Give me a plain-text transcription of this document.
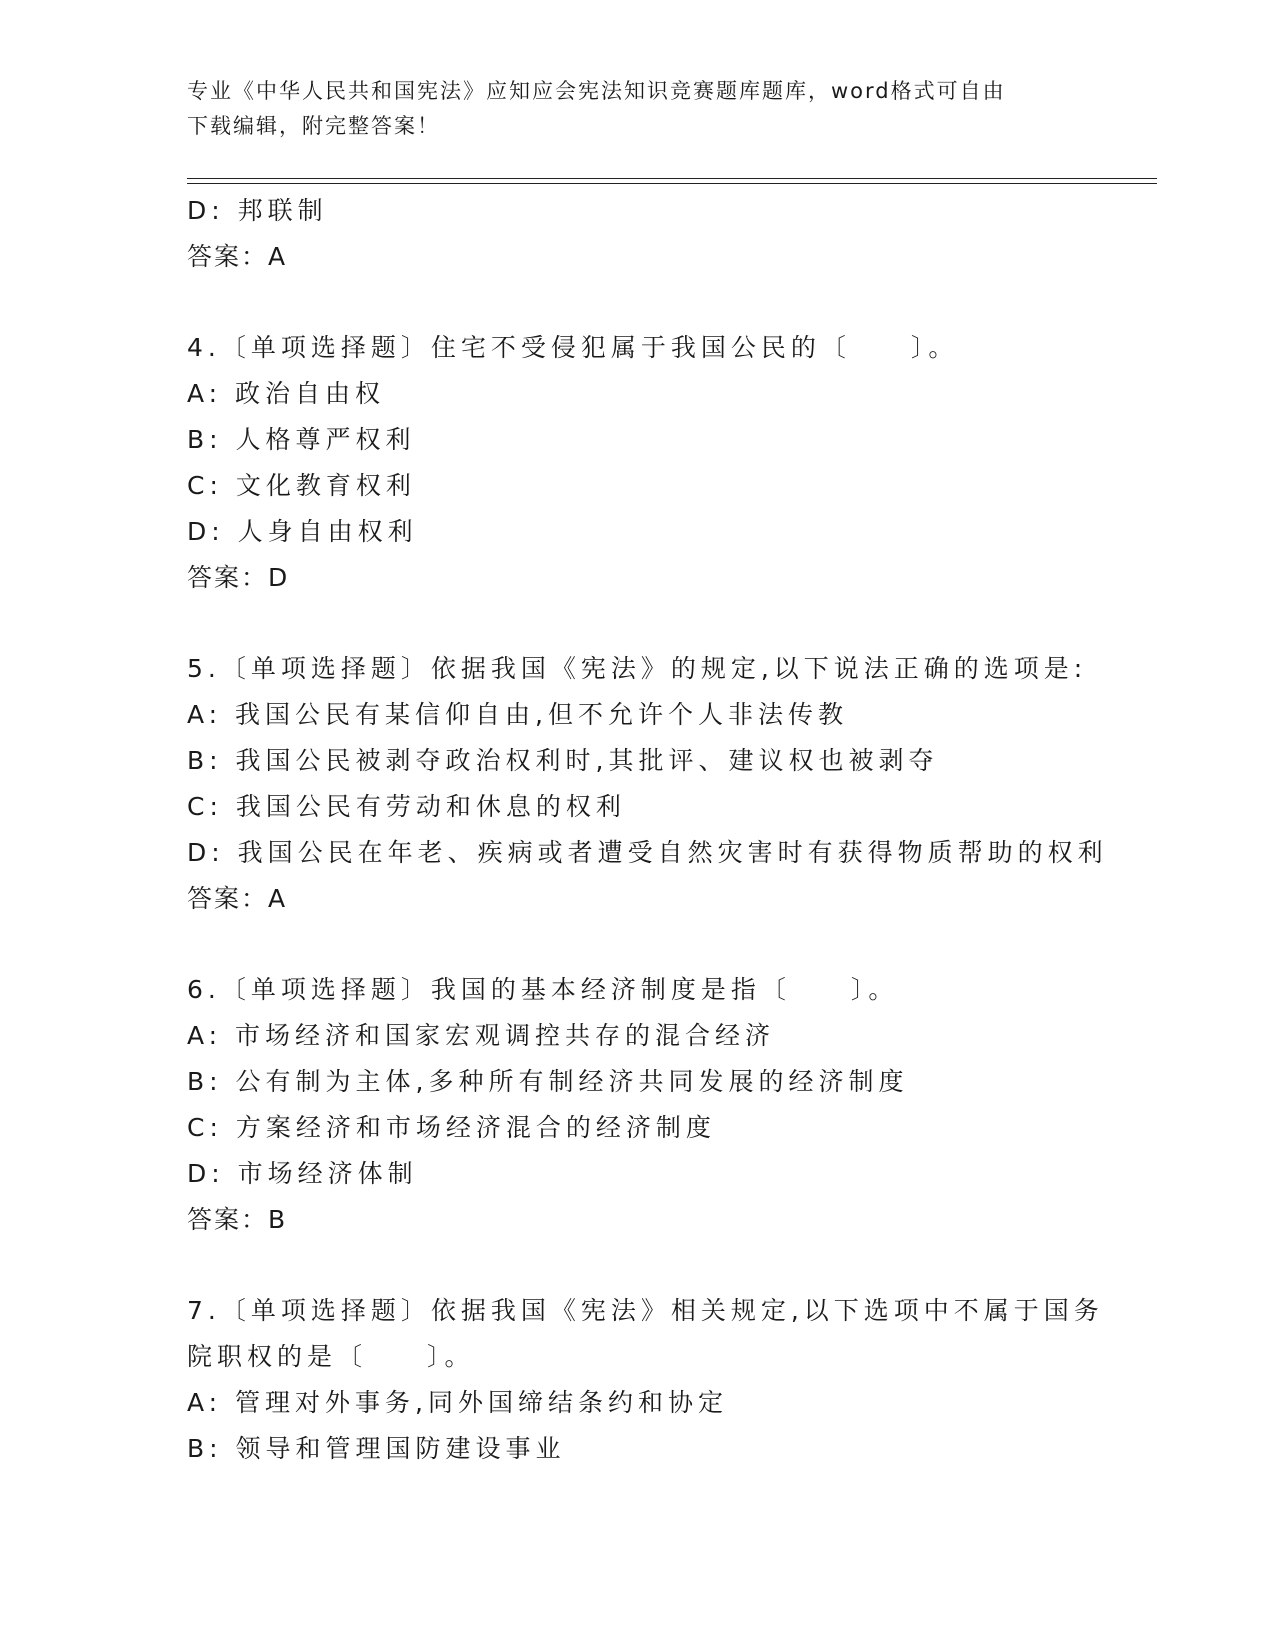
专业《中华人民共和国宪法》应知应会宪法知识竞赛题库题库，word格式可自由
下载编辑，附完整答案！
D: 邦联制
答案：A
4.〔单项选择题〕住宅不受侵犯属于我国公民的〔　　〕。
A: 政治自由权
B: 人格尊严权利
C: 文化教育权利
D: 人身自由权利
答案：D
5.〔单项选择题〕依据我国《宪法》的规定,以下说法正确的选项是:
A: 我国公民有某信仰自由,但不允许个人非法传教
B: 我国公民被剥夺政治权利时,其批评、建议权也被剥夺
C: 我国公民有劳动和休息的权利
D: 我国公民在年老、疾病或者遭受自然灾害时有获得物质帮助的权利
答案：A
6.〔单项选择题〕我国的基本经济制度是指〔　　〕。
A: 市场经济和国家宏观调控共存的混合经济
B: 公有制为主体,多种所有制经济共同发展的经济制度
C: 方案经济和市场经济混合的经济制度
D: 市场经济体制
答案：B
7.〔单项选择题〕依据我国《宪法》相关规定,以下选项中不属于国务
院职权的是〔　　〕。
A: 管理对外事务,同外国缔结条约和协定
B: 领导和管理国防建设事业
